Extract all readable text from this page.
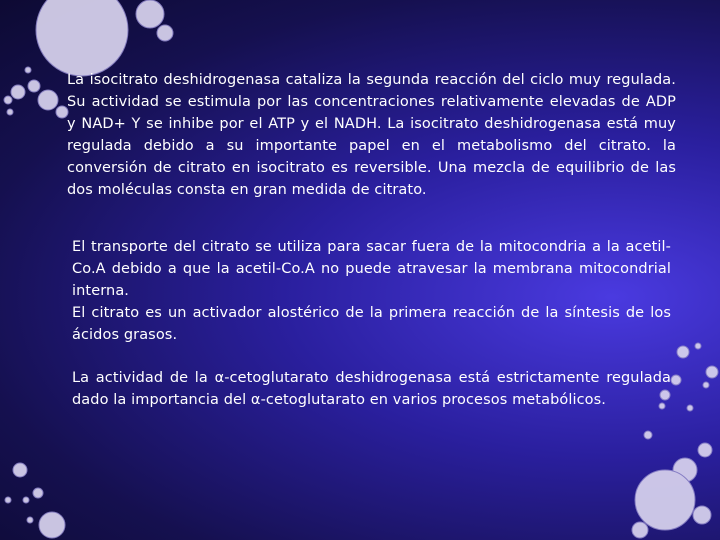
La isocitrato deshidrogenasa cataliza la segunda reacción del ciclo muy regulada. Su actividad se estimula por las concentraciones relativamente elevadas de ADP y NAD+ Y se inhibe por el ATP y el NADH. La isocitrato deshidrogenasa está muy regulada debido a su importante papel en el metabolismo del citrato. la conversión de citrato en isocitrato es reversible. Una mezcla de equilibrio de las dos moléculas consta en gran medida de citrato.

El transporte del citrato se utiliza para sacar fuera de la mitocondria a la acetil-Co.A debido a que la acetil-Co.A no puede atravesar la membrana mitocondrial interna.
El citrato es un activador alostérico de la primera reacción de la síntesis de los ácidos grasos.

La actividad de la α-cetoglutarato deshidrogenasa está estrictamente regulada dado la importancia del α-cetoglutarato en varios procesos metabólicos.
